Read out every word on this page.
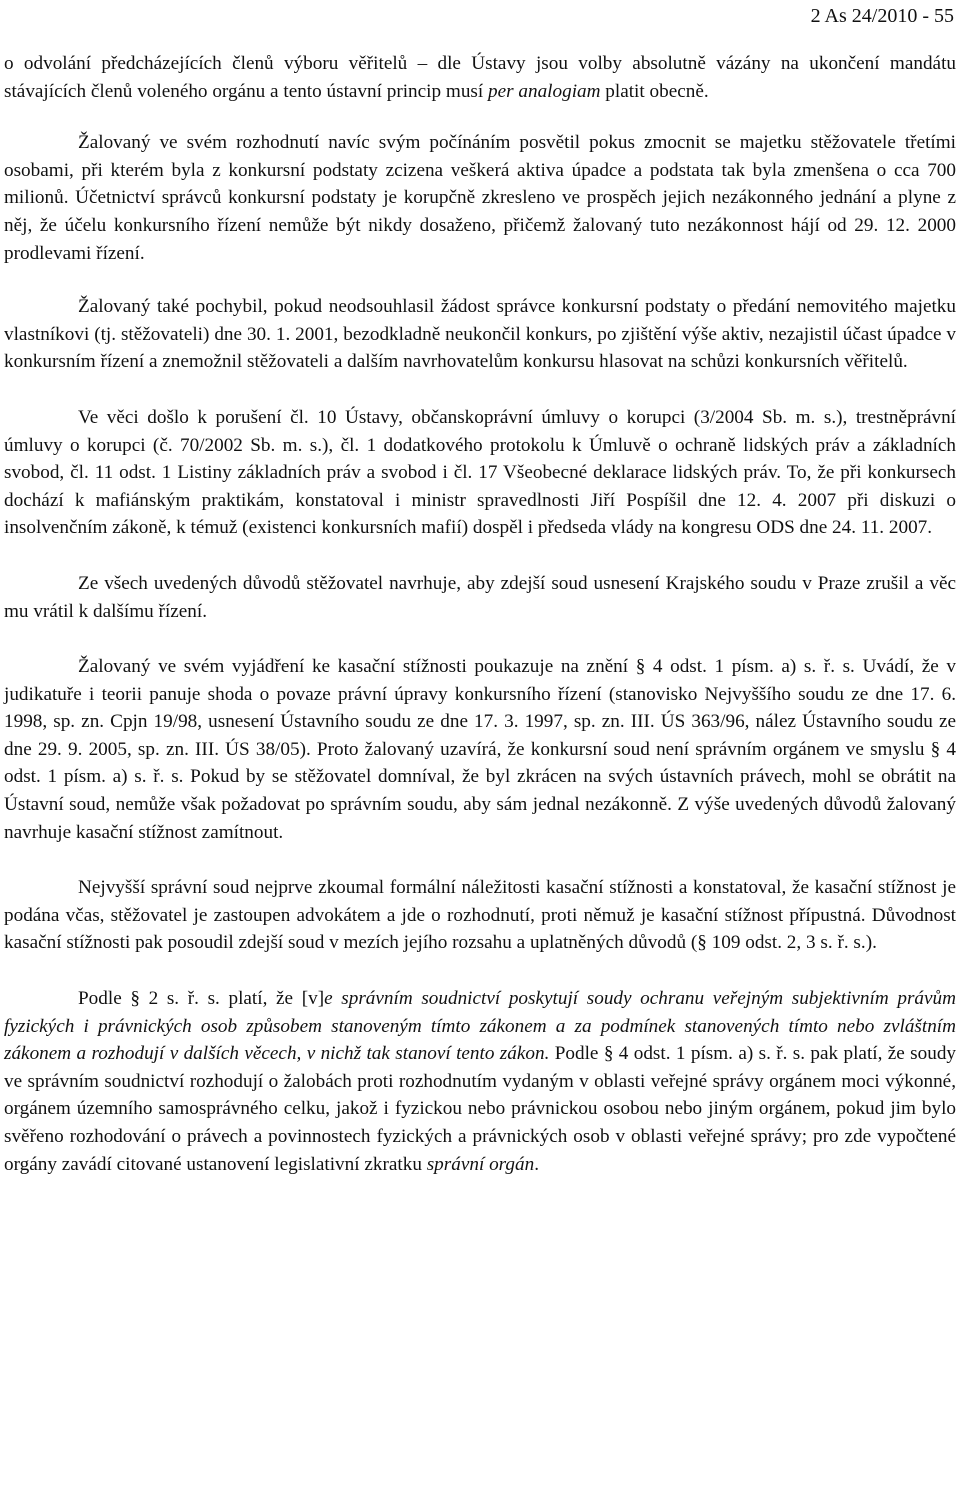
2 As 24/2010 - 55

o odvolání předcházejících členů výboru věřitelů – dle Ústavy jsou volby absolutně vázány na ukončení mandátu stávajících členů voleného orgánu a tento ústavní princip musí per analogiam platit obecně.

Žalovaný ve svém rozhodnutí navíc svým počínáním posvětil pokus zmocnit se majetku stěžovatele třetími osobami, při kterém byla z konkursní podstaty zcizena veškerá aktiva úpadce a podstata tak byla zmenšena o cca 700 milionů. Účetnictví správců konkursní podstaty je korupčně zkresleno ve prospěch jejich nezákonného jednání a plyne z něj, že účelu konkursního řízení nemůže být nikdy dosaženo, přičemž žalovaný tuto nezákonnost hájí od 29. 12. 2000 prodlevami řízení.

Žalovaný také pochybil, pokud neodsouhlasil žádost správce konkursní podstaty o předání nemovitého majetku vlastníkovi (tj. stěžovateli) dne 30. 1. 2001, bezodkladně neukončil konkurs, po zjištění výše aktiv, nezajistil účast úpadce v konkursním řízení a znemožnil stěžovateli a dalším navrhovatelům konkursu hlasovat na schůzi konkursních věřitelů.

Ve věci došlo k porušení čl. 10 Ústavy, občanskoprávní úmluvy o korupci (3/2004 Sb. m. s.), trestněprávní úmluvy o korupci (č. 70/2002 Sb. m. s.), čl. 1 dodatkového protokolu k Úmluvě o ochraně lidských práv a základních svobod, čl. 11 odst. 1 Listiny základních práv a svobod i čl. 17 Všeobecné deklarace lidských práv. To, že při konkursech dochází k mafiánským praktikám, konstatoval i ministr spravedlnosti Jiří Pospíšil dne 12. 4. 2007 při diskuzi o insolvenčním zákoně, k témuž (existenci konkursních mafií) dospěl i předseda vlády na kongresu ODS dne 24. 11. 2007.

Ze všech uvedených důvodů stěžovatel navrhuje, aby zdejší soud usnesení Krajského soudu v Praze zrušil a věc mu vrátil k dalšímu řízení.

Žalovaný ve svém vyjádření ke kasační stížnosti poukazuje na znění § 4 odst. 1 písm. a) s. ř. s. Uvádí, že v judikatuře i teorii panuje shoda o povaze právní úpravy konkursního řízení (stanovisko Nejvyššího soudu ze dne 17. 6. 1998, sp. zn. Cpjn 19/98, usnesení Ústavního soudu ze dne 17. 3. 1997, sp. zn. III. ÚS 363/96, nález Ústavního soudu ze dne 29. 9. 2005, sp. zn. III. ÚS 38/05). Proto žalovaný uzavírá, že konkursní soud není správním orgánem ve smyslu § 4 odst. 1 písm. a) s. ř. s. Pokud by se stěžovatel domníval, že byl zkrácen na svých ústavních právech, mohl se obrátit na Ústavní soud, nemůže však požadovat po správním soudu, aby sám jednal nezákonně. Z výše uvedených důvodů žalovaný navrhuje kasační stížnost zamítnout.

Nejvyšší správní soud nejprve zkoumal formální náležitosti kasační stížnosti a konstatoval, že kasační stížnost je podána včas, stěžovatel je zastoupen advokátem a jde o rozhodnutí, proti němuž je kasační stížnost přípustná. Důvodnost kasační stížnosti pak posoudil zdejší soud v mezích jejího rozsahu a uplatněných důvodů (§ 109 odst. 2, 3 s. ř. s.).

Podle § 2 s. ř. s. platí, že [v]e správním soudnictví poskytují soudy ochranu veřejným subjektivním právům fyzických i právnických osob způsobem stanoveným tímto zákonem a za podmínek stanovených tímto nebo zvláštním zákonem a rozhodují v dalších věcech, v nichž tak stanoví tento zákon. Podle § 4 odst. 1 písm. a) s. ř. s. pak platí, že soudy ve správním soudnictví rozhodují o žalobách proti rozhodnutím vydaným v oblasti veřejné správy orgánem moci výkonné, orgánem územního samosprávného celku, jakož i fyzickou nebo právnickou osobou nebo jiným orgánem, pokud jim bylo svěřeno rozhodování o právech a povinnostech fyzických a právnických osob v oblasti veřejné správy; pro zde vypočtené orgány zavádí citované ustanovení legislativní zkratku správní orgán.
